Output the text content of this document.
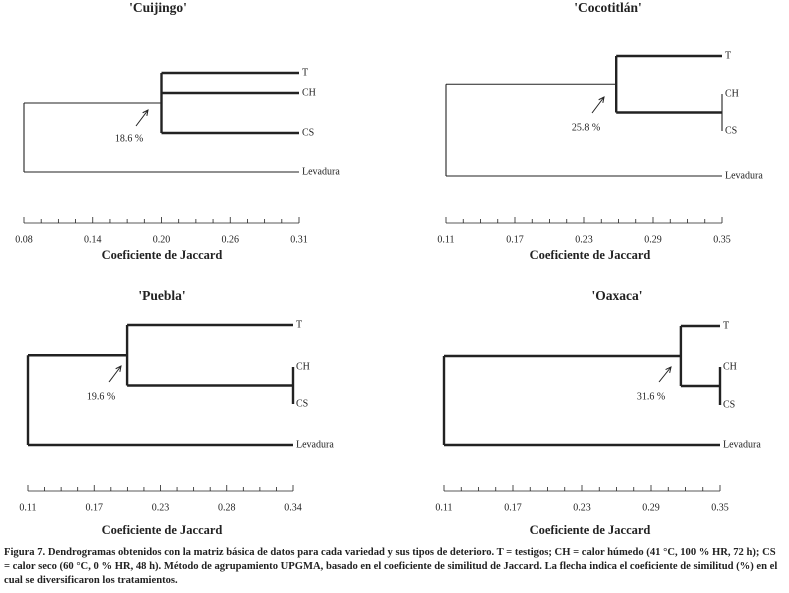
'Cuijingo'
T
CH
CS
Levadura
0.08	0.14	0.20	0.26	0.31
Coeficiente de Jaccard
18.6 %
'Cocotitlán'
T
CH
CS
Levadura
0.11	0.17	0.23	0.29	0.35
Coeficiente de Jaccard
25.8 %
'Puebla'
T
CH
CS
Levadura
0.11	0.17	0.23	0.28	0.34
Coeficiente de Jaccard
19.6 %
'Oaxaca'
T
CH
CS
Levadura
0.11	0.17	0.23	0.29	0.35
Coeficiente de Jaccard
31.6 %

Figura 7. Dendrogramas obtenidos con la matriz básica de datos para cada variedad y sus tipos de deterioro. T = testigos; CH = calor húmedo (41 °C, 100 % HR, 72 h); CS = calor seco (60 °C, 0 % HR, 48 h). Método de agrupamiento UPGMA, basado en el coeficiente de similitud de Jaccard. La flecha indica el coeficiente de similitud (%) en el cual se diversificaron los tratamientos.
